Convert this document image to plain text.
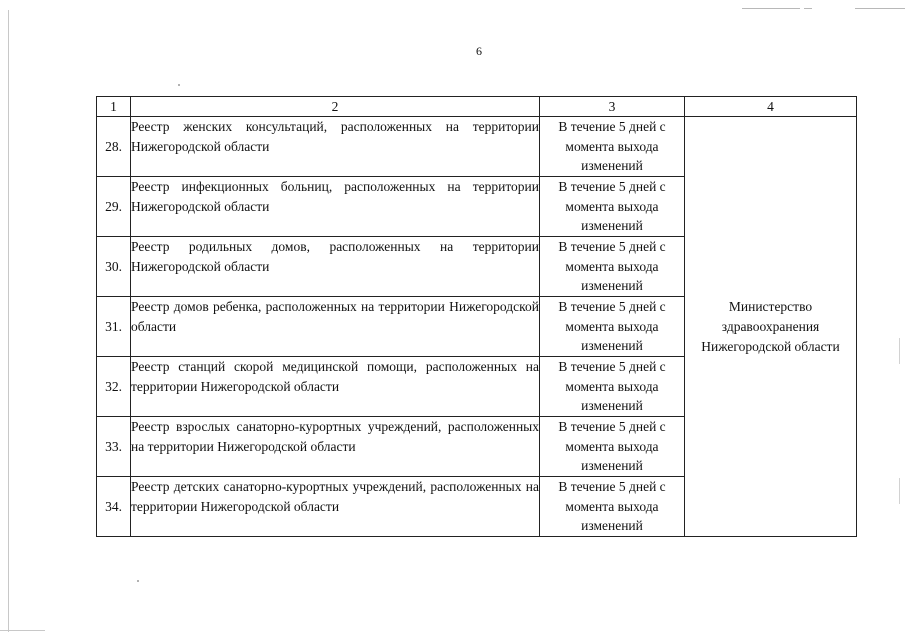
6
1	2	3	4
28.	Реестр женских консультаций, расположенных на территории Нижегородской области	В течение 5 дней с
момента выхода
изменений	Министерство
здравоохранения
Нижегородской области
29.	Реестр инфекционных больниц, расположенных на территории Нижегородской области	В течение 5 дней с
момента выхода
изменений	
30.	Реестр родильных домов, расположенных на территории Нижегородской области	В течение 5 дней с
момента выхода
изменений	
31.	Реестр домов ребенка, расположенных на территории Нижегородской области	В течение 5 дней с
момента выхода
изменений	
32.	Реестр станций скорой медицинской помощи, расположенных на территории Нижегородской области	В течение 5 дней с
момента выхода
изменений	
33.	Реестр взрослых санаторно-курортных учреждений, расположенных на территории Нижегородской области	В течение 5 дней с
момента выхода
изменений	
34.	Реестр детских санаторно-курортных учреждений, расположенных на территории Нижегородской области	В течение 5 дней с
момента выхода
изменений	
